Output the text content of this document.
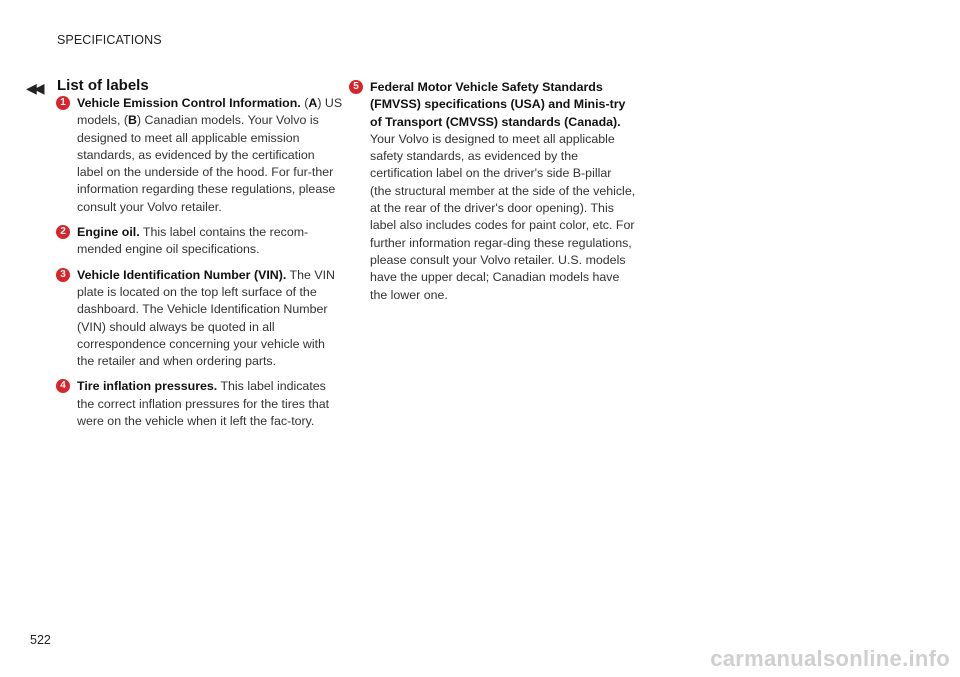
SPECIFICATIONS
◀◀ List of labels
1 Vehicle Emission Control Information. (A) US models, (B) Canadian models. Your Volvo is designed to meet all applicable emission standards, as evidenced by the certification label on the underside of the hood. For fur-ther information regarding these regulations, please consult your Volvo retailer.
2 Engine oil. This label contains the recom-mended engine oil specifications.
3 Vehicle Identification Number (VIN). The VIN plate is located on the top left surface of the dashboard. The Vehicle Identification Number (VIN) should always be quoted in all correspondence concerning your vehicle with the retailer and when ordering parts.
4 Tire inflation pressures. This label indicates the correct inflation pressures for the tires that were on the vehicle when it left the fac-tory.
5 Federal Motor Vehicle Safety Standards (FMVSS) specifications (USA) and Minis-try of Transport (CMVSS) standards (Canada). Your Volvo is designed to meet all applicable safety standards, as evidenced by the certification label on the driver's side B-pillar (the structural member at the side of the vehicle, at the rear of the driver's door opening). This label also includes codes for paint color, etc. For further information regar-ding these regulations, please consult your Volvo retailer. U.S. models have the upper decal; Canadian models have the lower one.
522
carmanualsonline.info
